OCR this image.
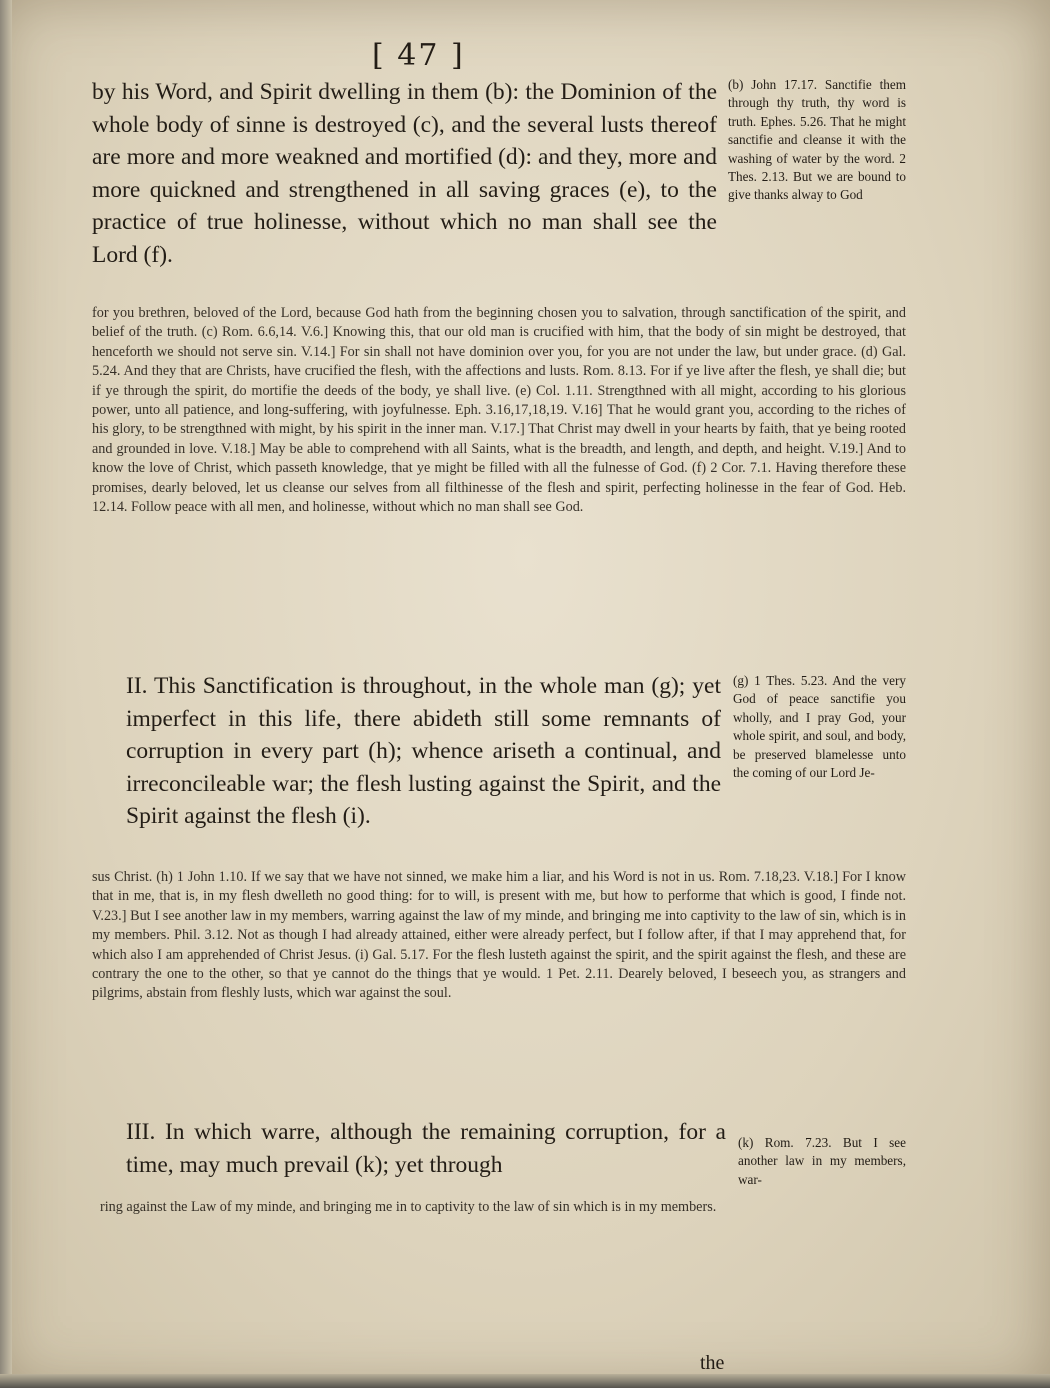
[ 47 ]

by his Word, and Spirit dwelling in them (b): the Dominion of the whole body of sinne is destroyed (c), and the several lusts thereof are more and more weakned and mortified (d): and they, more and more quickned and strengthened in all saving graces (e), to the practice of true holinesse, without which no man shall see the Lord (f).

(b) John 17.17. Sanctifie them through thy truth, thy word is truth. Ephes. 5.26. That he might sanctifie and cleanse it with the washing of water by the word. 2 Thes. 2.13. But we are bound to give thanks alway to God

for you brethren, beloved of the Lord, because God hath from the beginning chosen you to salvation, through sanctification of the spirit, and belief of the truth. (c) Rom. 6.6,14. V.6.] Knowing this, that our old man is crucified with him, that the body of sin might be destroyed, that henceforth we should not serve sin. V.14.] For sin shall not have dominion over you, for you are not under the law, but under grace. (d) Gal. 5.24. And they that are Christs, have crucified the flesh, with the affections and lusts. Rom. 8.13. For if ye live after the flesh, ye shall die; but if ye through the spirit, do mortifie the deeds of the body, ye shall live. (e) Col. 1.11. Strengthned with all might, according to his glorious power, unto all patience, and long-suffering, with joyfulnesse. Eph. 3.16,17,18,19. V.16] That he would grant you, according to the riches of his glory, to be strengthned with might, by his spirit in the inner man. V.17.] That Christ may dwell in your hearts by faith, that ye being rooted and grounded in love. V.18.] May be able to comprehend with all Saints, what is the breadth, and length, and depth, and height. V.19.] And to know the love of Christ, which passeth knowledge, that ye might be filled with all the fulnesse of God. (f) 2 Cor. 7.1. Having therefore these promises, dearly beloved, let us cleanse our selves from all filthinesse of the flesh and spirit, perfecting holinesse in the fear of God. Heb. 12.14. Follow peace with all men, and holinesse, without which no man shall see God.

II. This Sanctification is throughout, in the whole man (g); yet imperfect in this life, there abideth still some remnants of corruption in every part (h); whence ariseth a continual, and irreconcileable war; the flesh lusting against the Spirit, and the Spirit against the flesh (i).

(g) 1 Thes. 5.23. And the very God of peace sanctifie you wholly, and I pray God, your whole spirit, and soul, and body, be preserved blamelesse unto the coming of our Lord Je-

sus Christ. (h) 1 John 1.10. If we say that we have not sinned, we make him a liar, and his Word is not in us. Rom. 7.18,23. V.18.] For I know that in me, that is, in my flesh dwelleth no good thing: for to will, is present with me, but how to performe that which is good, I finde not. V.23.] But I see another law in my members, warring against the law of my minde, and bringing me into captivity to the law of sin, which is in my members. Phil. 3.12. Not as though I had already attained, either were already perfect, but I follow after, if that I may apprehend that, for which also I am apprehended of Christ Jesus. (i) Gal. 5.17. For the flesh lusteth against the spirit, and the spirit against the flesh, and these are contrary the one to the other, so that ye cannot do the things that ye would. 1 Pet. 2.11. Dearely beloved, I beseech you, as strangers and pilgrims, abstain from fleshly lusts, which war against the soul.

III. In which warre, although the remaining corruption, for a time, may much prevail (k); yet through

(k) Rom. 7.23. But I see another law in my members, war-

ring against the Law of my minde, and bringing me in to captivity to the law of sin which is in my members.

the
